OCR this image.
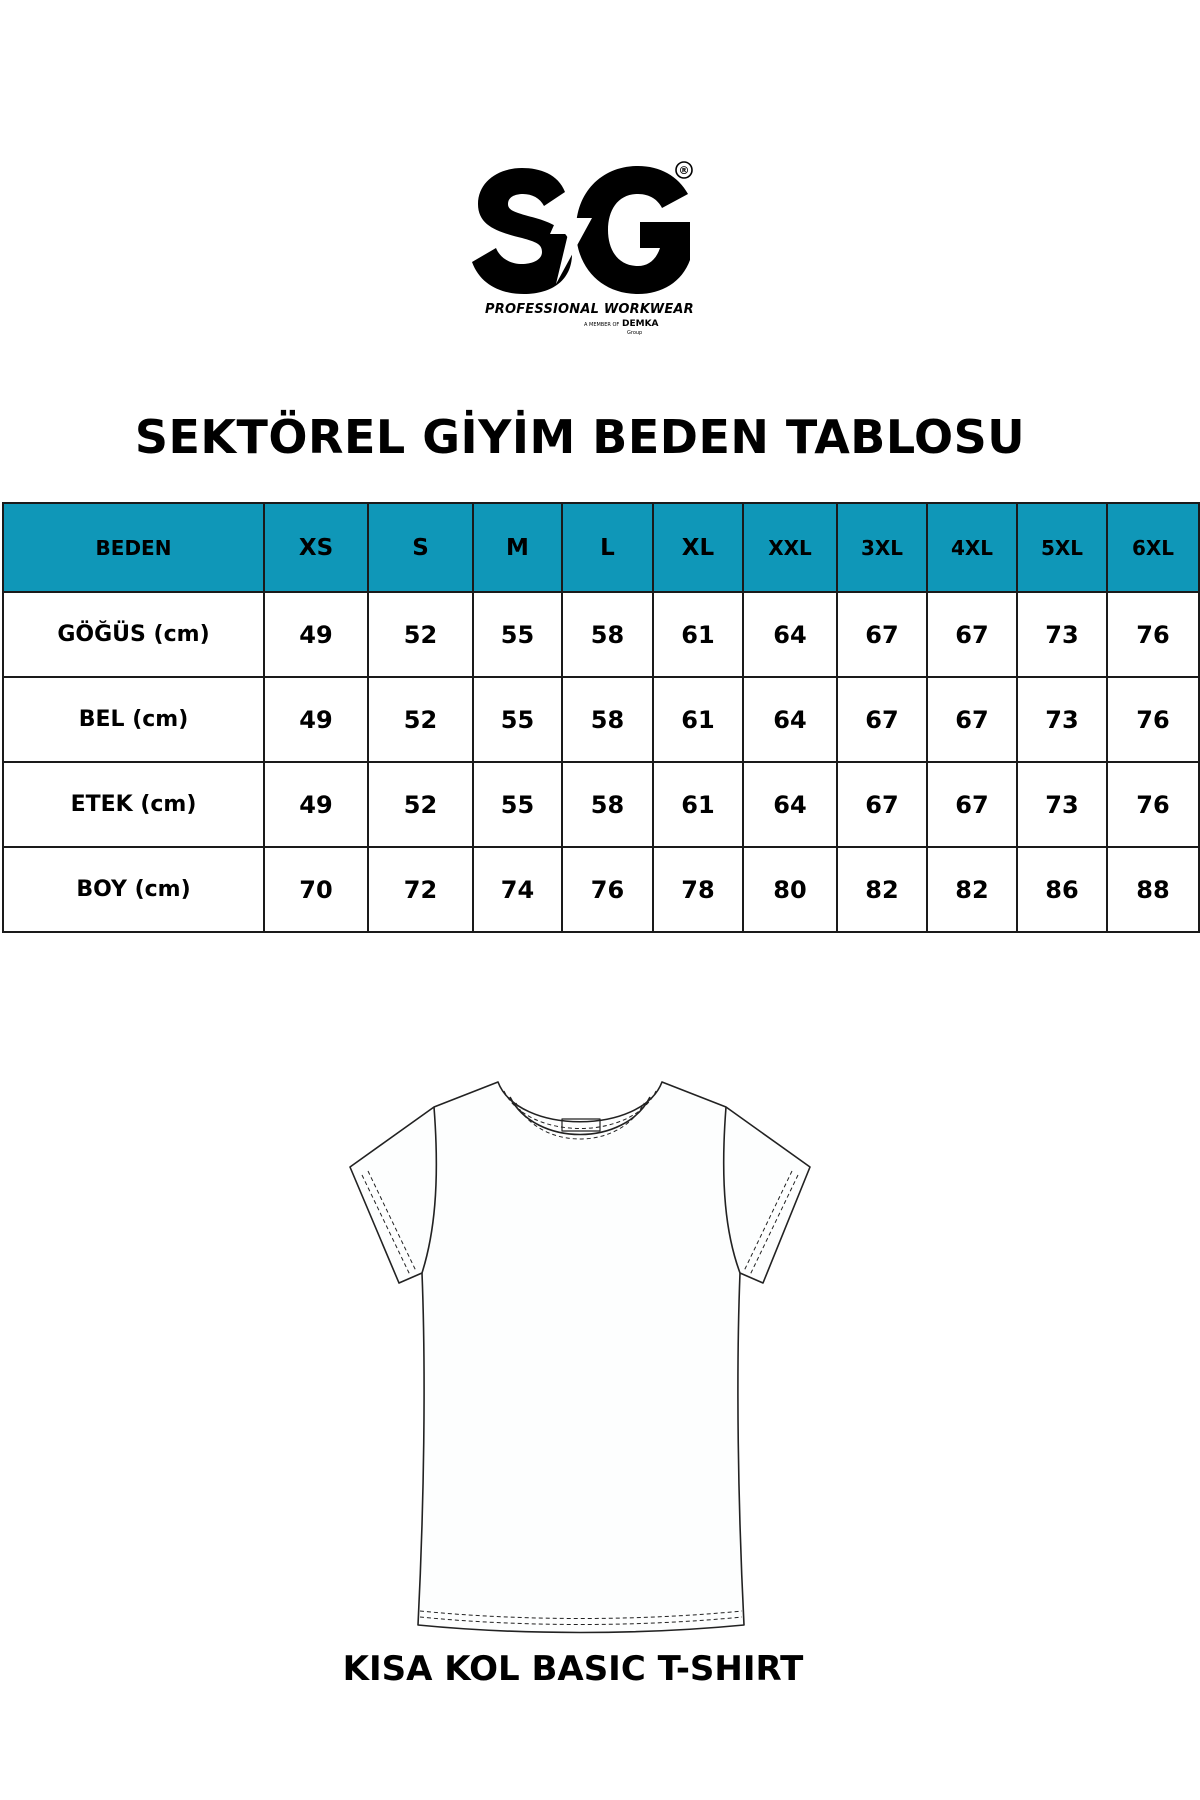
®
PROFESSIONAL WORKWEAR
A MEMBER OF DEMKA
Group
SEKTÖREL GİYİM BEDEN TABLOSU
BEDEN	XS	S	M	L	XL	XXL	3XL	4XL	5XL	6XL
GÖĞÜS (cm)	49	52	55	58	61	64	67	67	73	76
BEL (cm)	49	52	55	58	61	64	67	67	73	76
ETEK (cm)	49	52	55	58	61	64	67	67	73	76
BOY (cm)	70	72	74	76	78	80	82	82	86	88
KISA KOL BASIC T-SHIRT
